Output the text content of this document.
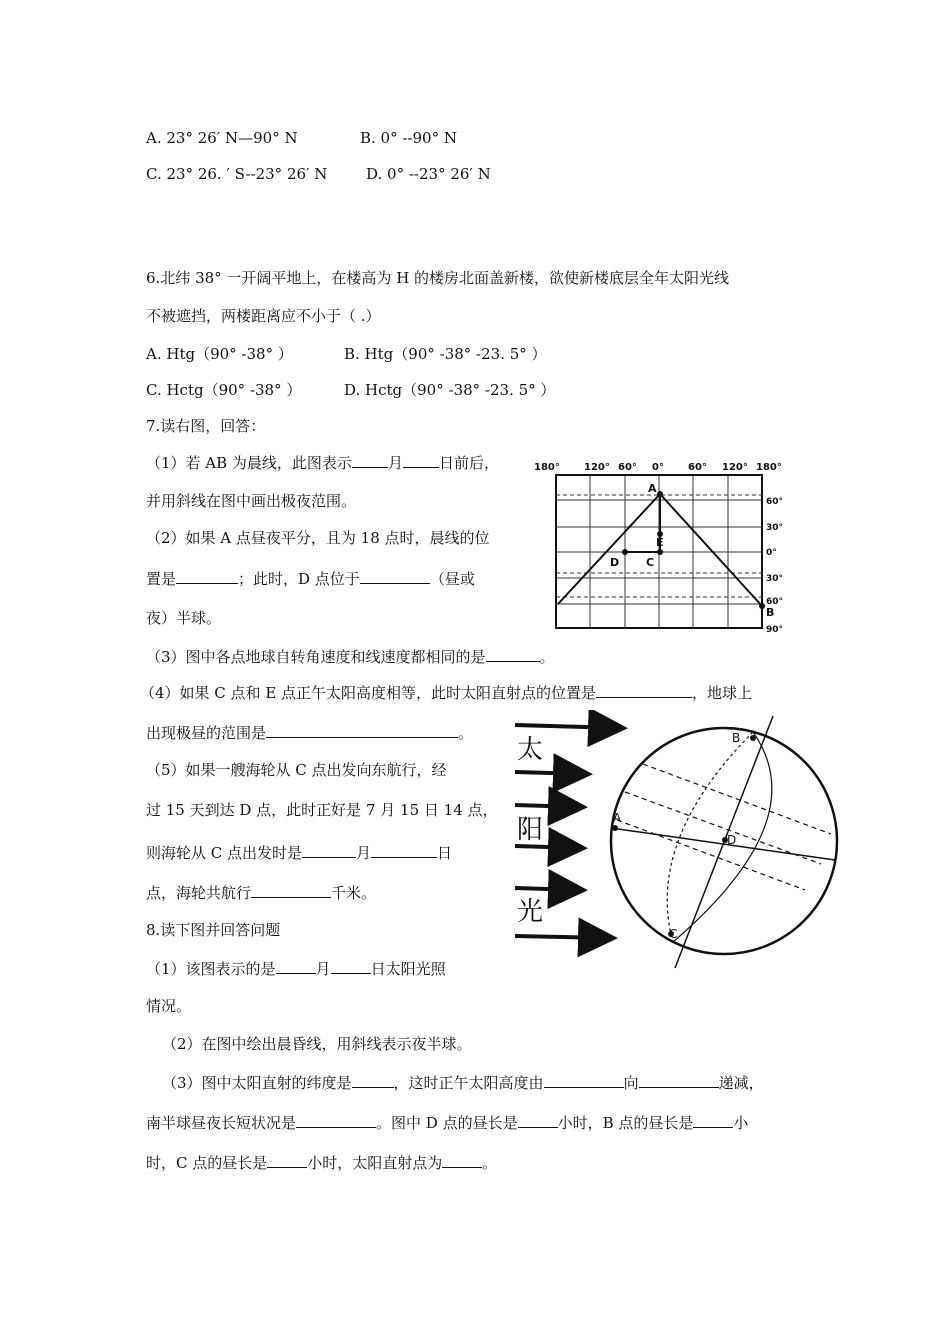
A. 23° 26′ N—90° N	B. 0° --90° N
C. 23° 26. ′ S--23° 26′ N	D. 0° --23° 26′ N
6.北纬 38° 一开阔平地上，在楼高为 H 的楼房北面盖新楼，欲使新楼底层全年太阳光线
不被遮挡，两楼距离应不小于（ .）
A. Htg（90° -38° ）	B. Htg（90° -38° -23. 5° ）
C. Hctg（90° -38° ）	D. Hctg（90° -38° -23. 5° ）
7.读右图，回答：
（1）若 AB 为晨线，此图表示 月 日前后，
并用斜线在图中画出极夜范围。
（2）如果 A 点昼夜平分，且为 18 点时，晨线的位
置是	；此时，D 点位于	（昼或
夜）半球。
（3）图中各点地球自转角速度和线速度都相同的是	。
（4）如果 C 点和 E 点正午太阳高度相等，此时太阳直射点的位置是	，地球上
出现极昼的范围是	。
（5）如果一艘海轮从 C 点出发向东航行，经
过 15 天到达 D 点，此时正好是 7 月 15 日 14 点，
则海轮从 C 点出发时是	月	日
点，海轮共航行	千米。
8.读下图并回答问题
（1）该图表示的是	月	日太阳光照
情况。
（2）在图中绘出晨昏线，用斜线表示夜半球。
（3）图中太阳直射的纬度是	，这时正午太阳高度由	向	递减，
南半球昼夜长短状况是	。图中 D 点的昼长是	小时，B 点的昼长是	小
时，C 点的昼长是	小时，太阳直射点为	。
180° 120° 60° 0° 60° 120° 180°
A
E
D C
B
60°
30°
0°
30°
60°
90°
太
阳
光
B
A
D
C
